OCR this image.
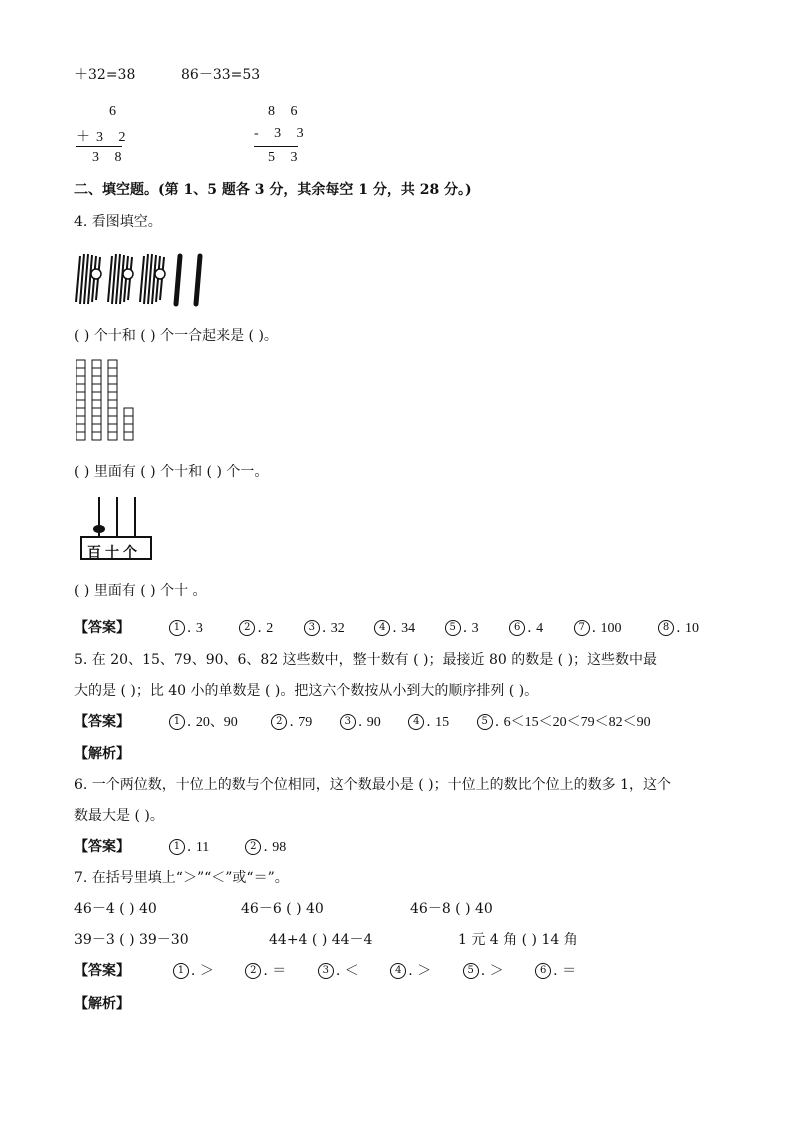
＋32=38	86－33=53
6
＋3 2
3 8
8 6
- 3 3
5 3
二、填空题。(第 1、5 题各 3 分，其余每空 1 分，共 28 分。)
4. 看图填空。
( ) 个十和 ( ) 个一合起来是 ( )。
( ) 里面有 ( ) 个十和 ( ) 个一。
百十个
( ) 里面有 ( ) 个十 。
【答案】	1 . 3	2 . 2	3 . 32	4 . 34	5 . 3	6 . 4	7 . 100	8 . 10
5. 在 20、15、79、90、6、82 这些数中，整十数有 ( )；最接近 80 的数是 ( )；这些数中最
大的是 ( )；比 40 小的单数是 ( )。把这六个数按从小到大的顺序排列 ( )。
【答案】	1 . 20、90	2 . 79	3 . 90	4 . 15	5 . 6＜15＜20＜79＜82＜90
【解析】
6. 一个两位数，十位上的数与个位相同，这个数最小是 ( )；十位上的数比个位上的数多 1，这个
数最大是 ( )。
【答案】	1 . 11	2 . 98
7. 在括号里填上“＞”“＜”或“＝”。
46－4 ( ) 40	46－6 ( ) 40	46－8 ( ) 40
39－3 ( ) 39－30	44+4 ( ) 44－4	1 元 4 角 ( ) 14 角
【答案】	1 . ＞	2 . ＝	3 . ＜	4 . ＞	5 . ＞	6 . ＝
【解析】
